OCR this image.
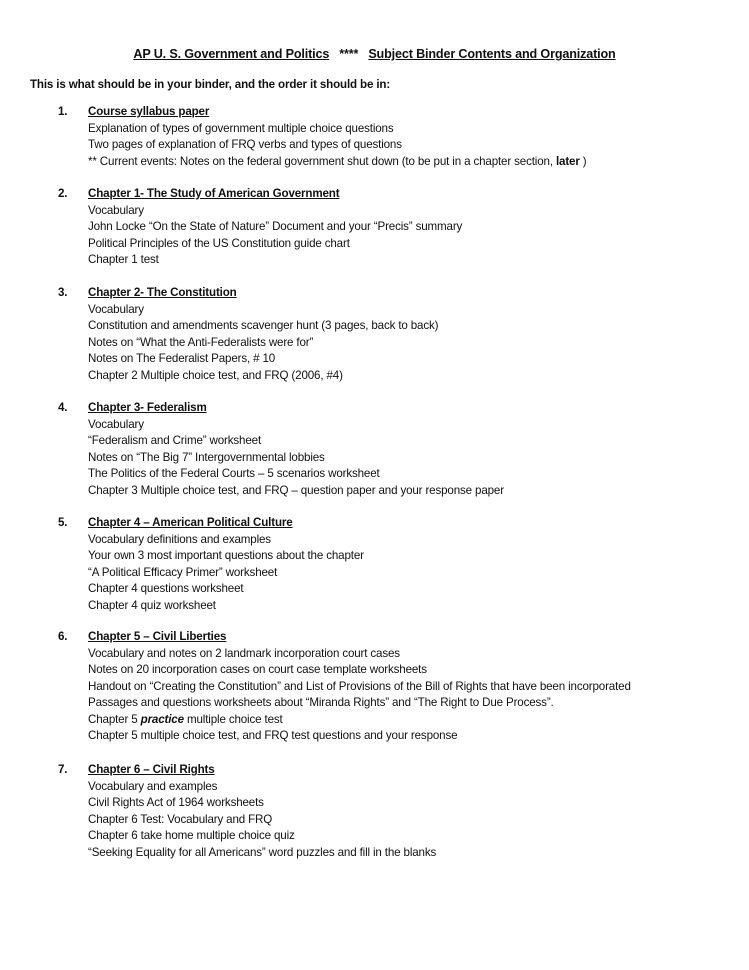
AP U. S. Government and Politics **** Subject Binder Contents and Organization
This is what should be in your binder, and the order it should be in:
1. Course syllabus paper
Explanation of types of government multiple choice questions
Two pages of explanation of FRQ verbs and types of questions
** Current events: Notes on the federal government shut down (to be put in a chapter section, later )
2. Chapter 1- The Study of American Government
Vocabulary
John Locke “On the State of Nature” Document and your “Precis” summary
Political Principles of the US Constitution guide chart
Chapter 1 test
3. Chapter 2- The Constitution
Vocabulary
Constitution and amendments scavenger hunt (3 pages, back to back)
Notes on “What the Anti-Federalists were for”
Notes on The Federalist Papers, # 10
Chapter 2 Multiple choice test, and FRQ (2006, #4)
4. Chapter 3- Federalism
Vocabulary
“Federalism and Crime” worksheet
Notes on “The Big 7” Intergovernmental lobbies
The Politics of the Federal Courts – 5 scenarios worksheet
Chapter 3 Multiple choice test, and FRQ – question paper and your response paper
5. Chapter 4 – American Political Culture
Vocabulary definitions and examples
Your own 3 most important questions about the chapter
“A Political Efficacy Primer” worksheet
Chapter 4 questions worksheet
Chapter 4 quiz worksheet
6. Chapter 5 – Civil Liberties
Vocabulary and notes on 2 landmark incorporation court cases
Notes on 20 incorporation cases on court case template worksheets
Handout on “Creating the Constitution” and List of Provisions of the Bill of Rights that have been incorporated
Passages and questions worksheets about “Miranda Rights” and “The Right to Due Process”.
Chapter 5 practice multiple choice test
Chapter 5 multiple choice test, and FRQ test questions and your response
7. Chapter 6 – Civil Rights
Vocabulary and examples
Civil Rights Act of 1964 worksheets
Chapter 6 Test: Vocabulary and FRQ
Chapter 6 take home multiple choice quiz
“Seeking Equality for all Americans” word puzzles and fill in the blanks
